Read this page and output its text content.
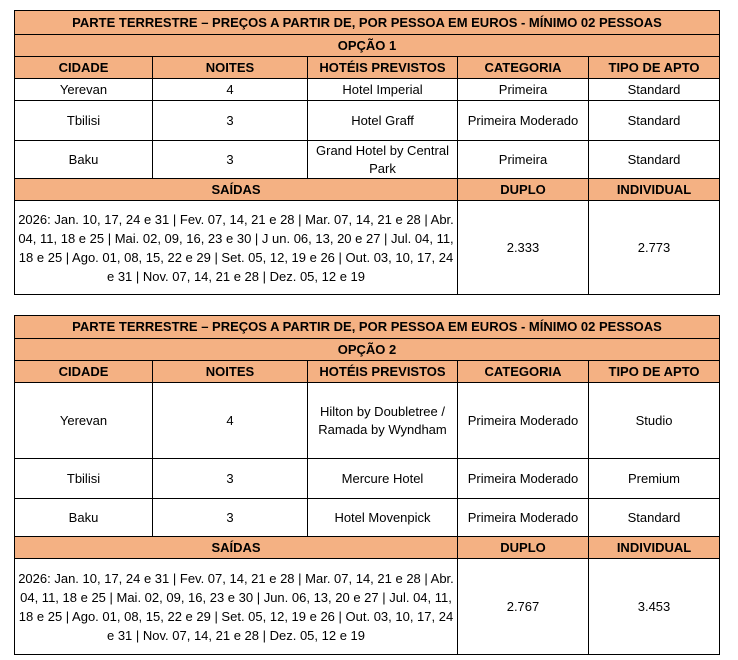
PARTE TERRESTRE – PREÇOS A PARTIR DE, POR PESSOA EM EUROS - MÍNIMO 02 PESSOAS				
OPÇÃO 1				
CIDADE	NOITES	HOTÉIS PREVISTOS	CATEGORIA	TIPO DE APTO
Yerevan	4	Hotel Imperial	Primeira	Standard
Tbilisi	3	Hotel Graff	Primeira Moderado	Standard
Baku	3	Grand Hotel by Central Park	Primeira	Standard
SAÍDAS			DUPLO	INDIVIDUAL
2026: Jan. 10, 17, 24 e 31 | Fev. 07, 14, 21 e 28 | Mar. 07, 14, 21 e 28 | Abr. 04, 11, 18 e 25 | Mai. 02, 09, 16, 23 e 30 | J un. 06, 13, 20 e 27 | Jul. 04, 11, 18 e 25 | Ago. 01, 08, 15, 22 e 29 | Set. 05, 12, 19 e 26 | Out. 03, 10, 17, 24 e 31 | Nov. 07, 14, 21 e 28 | Dez. 05, 12 e 19			2.333	2.773
PARTE TERRESTRE – PREÇOS A PARTIR DE, POR PESSOA EM EUROS - MÍNIMO 02 PESSOAS				
OPÇÃO 2				
CIDADE	NOITES	HOTÉIS PREVISTOS	CATEGORIA	TIPO DE APTO
Yerevan	4	Hilton by Doubletree / Ramada by Wyndham	Primeira Moderado	Studio
Tbilisi	3	Mercure Hotel	Primeira Moderado	Premium
Baku	3	Hotel Movenpick	Primeira Moderado	Standard
SAÍDAS			DUPLO	INDIVIDUAL
2026: Jan. 10, 17, 24 e 31 | Fev. 07, 14, 21 e 28 | Mar. 07, 14, 21 e 28 | Abr. 04, 11, 18 e 25 | Mai. 02, 09, 16, 23 e 30 | Jun. 06, 13, 20 e 27 | Jul. 04, 11, 18 e 25 | Ago. 01, 08, 15, 22 e 29 | Set. 05, 12, 19 e 26 | Out. 03, 10, 17, 24 e 31 | Nov. 07, 14, 21 e 28 | Dez. 05, 12 e 19			2.767	3.453
